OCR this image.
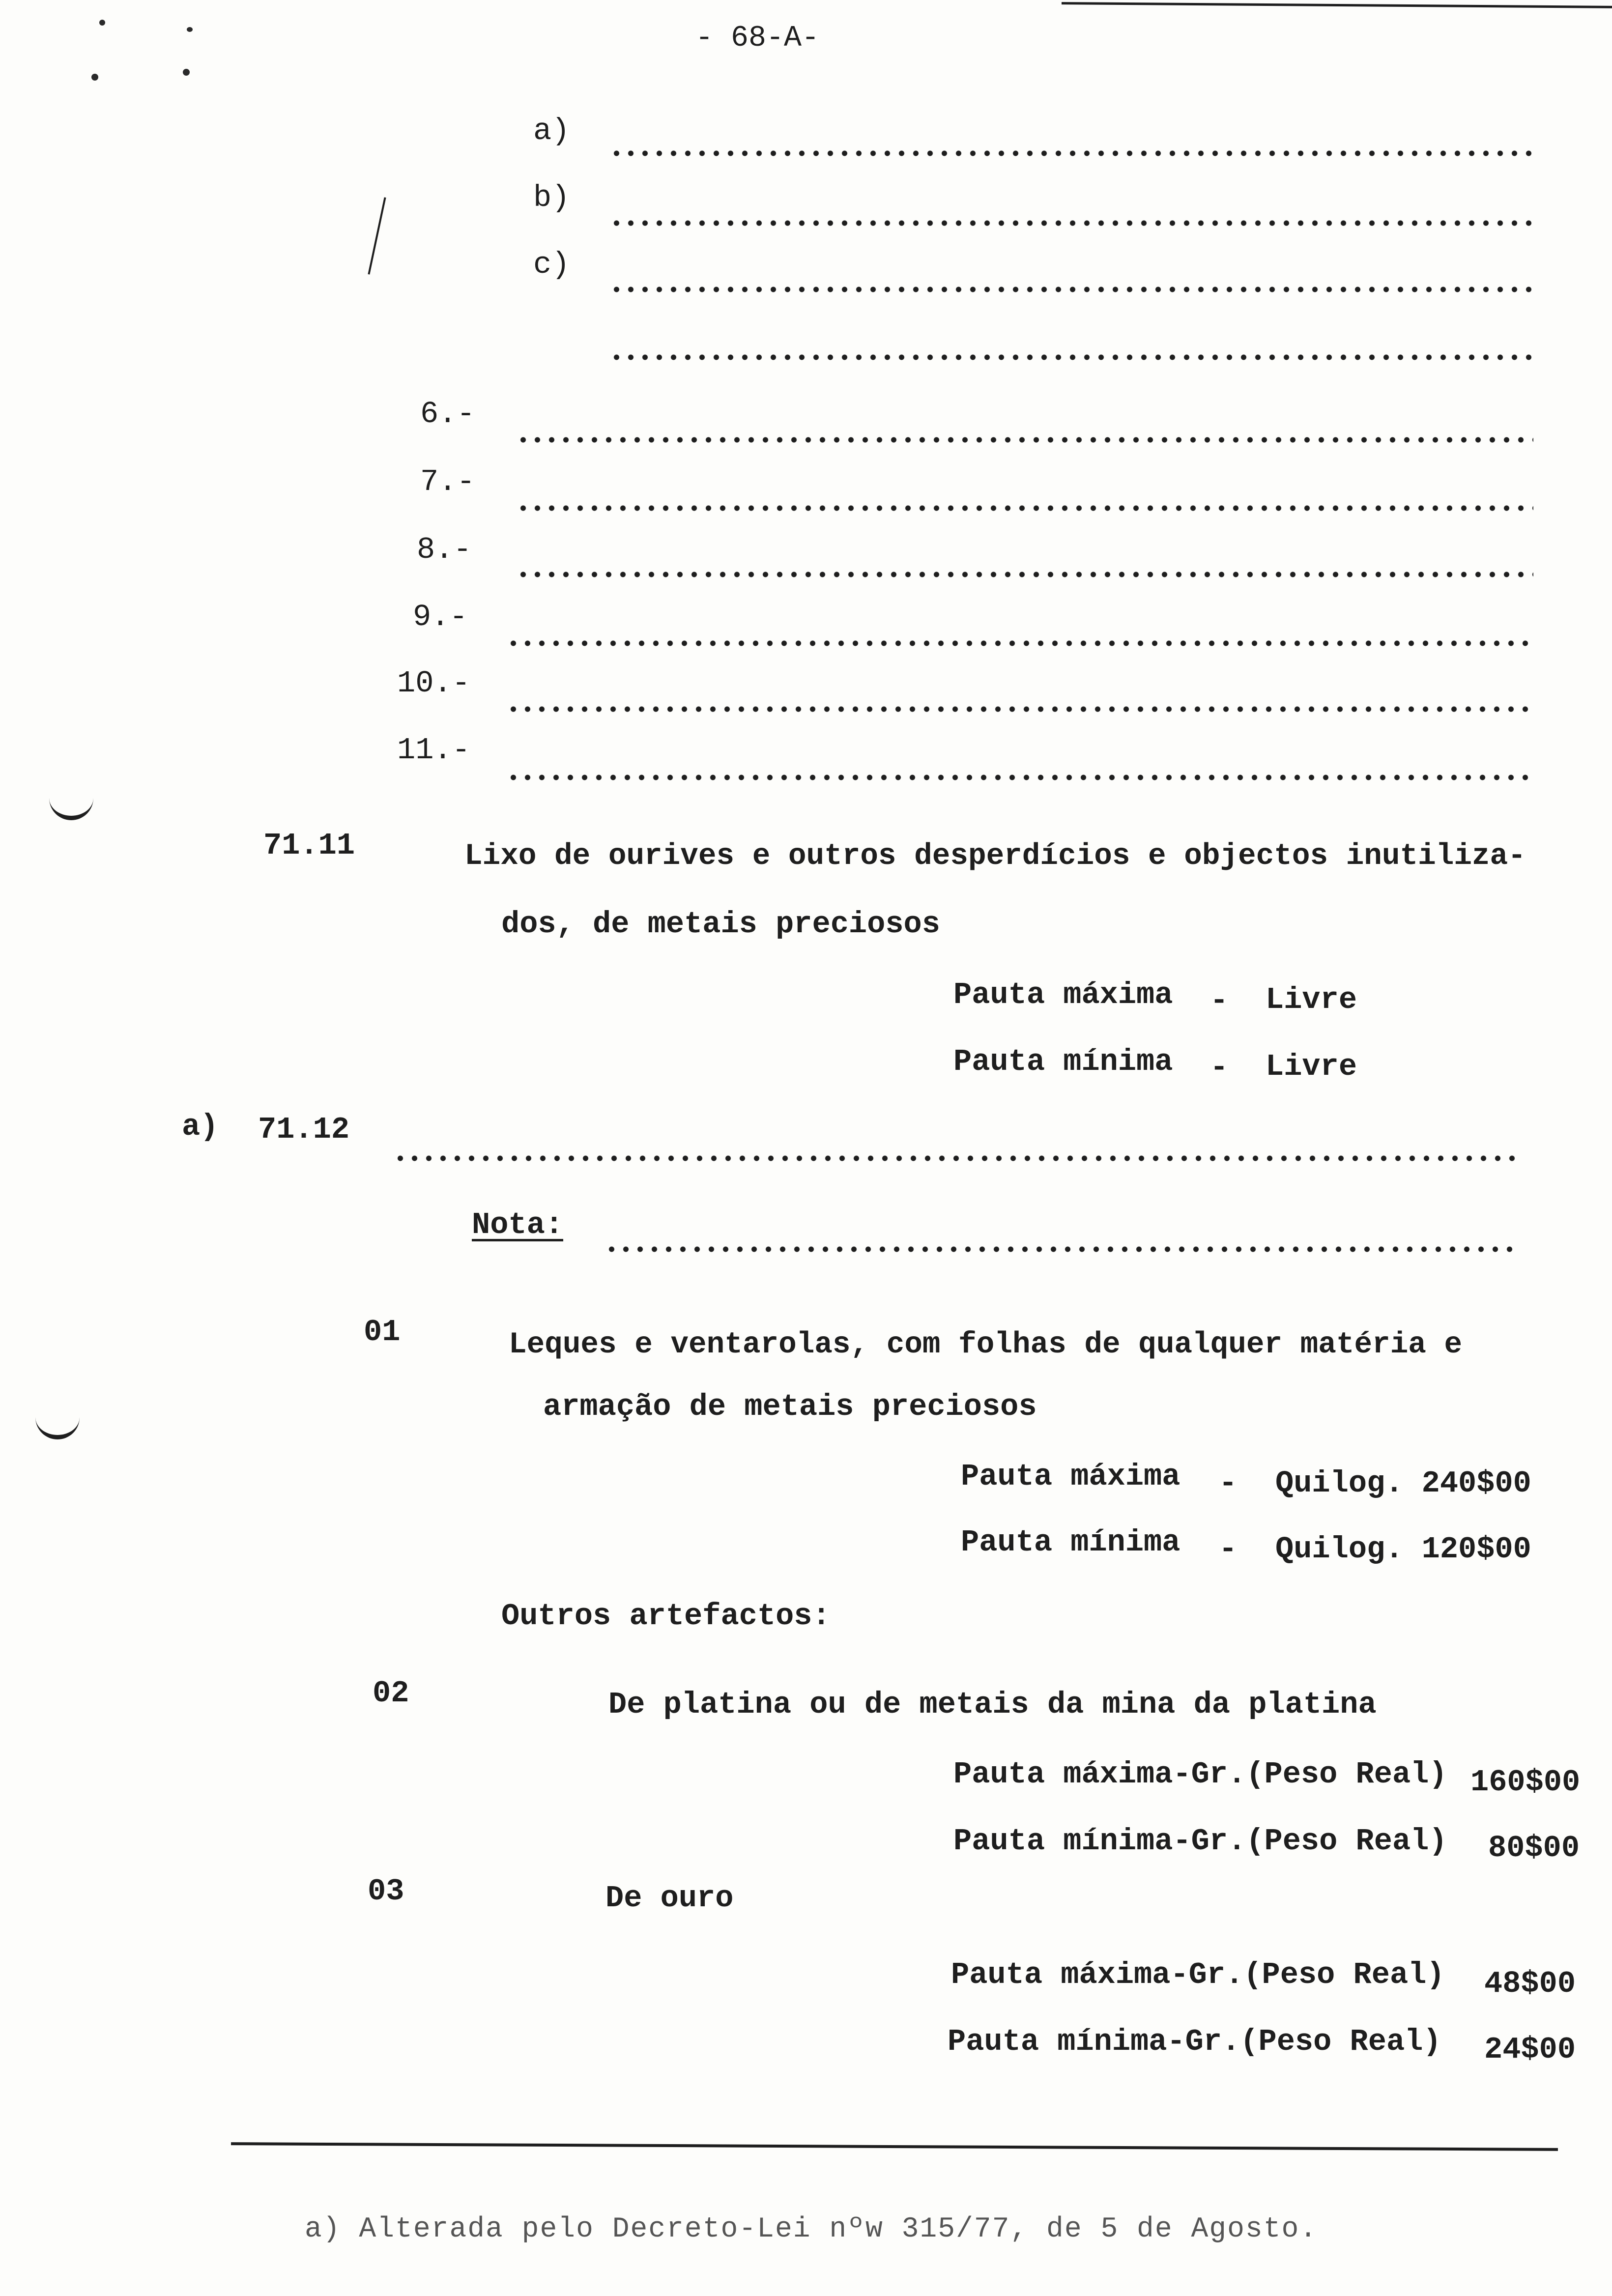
- 68-A-
a)
b)
c)
6.-
7.-
8.-
9.-
10.-
11.-
71.11	Lixo de ourives e outros desperdícios e objectos inutiliza-
dos, de metais preciosos
Pauta máxima - Livre
Pauta mínima - Livre
a) 71.12
Nota:
01	Leques e ventarolas, com folhas de qualquer matéria e
armação de metais preciosos
Pauta máxima - Quilog. 240$00
Pauta mínima - Quilog. 120$00
Outros artefactos:
02	De platina ou de metais da mina da platina
Pauta máxima-Gr.(Peso Real) 160$00
Pauta mínima-Gr.(Peso Real) 80$00
03	De ouro
Pauta máxima-Gr.(Peso Real) 48$00
Pauta mínima-Gr.(Peso Real) 24$00
a) Alterada pelo Decreto-Lei nºw 315/77, de 5 de Agosto.
